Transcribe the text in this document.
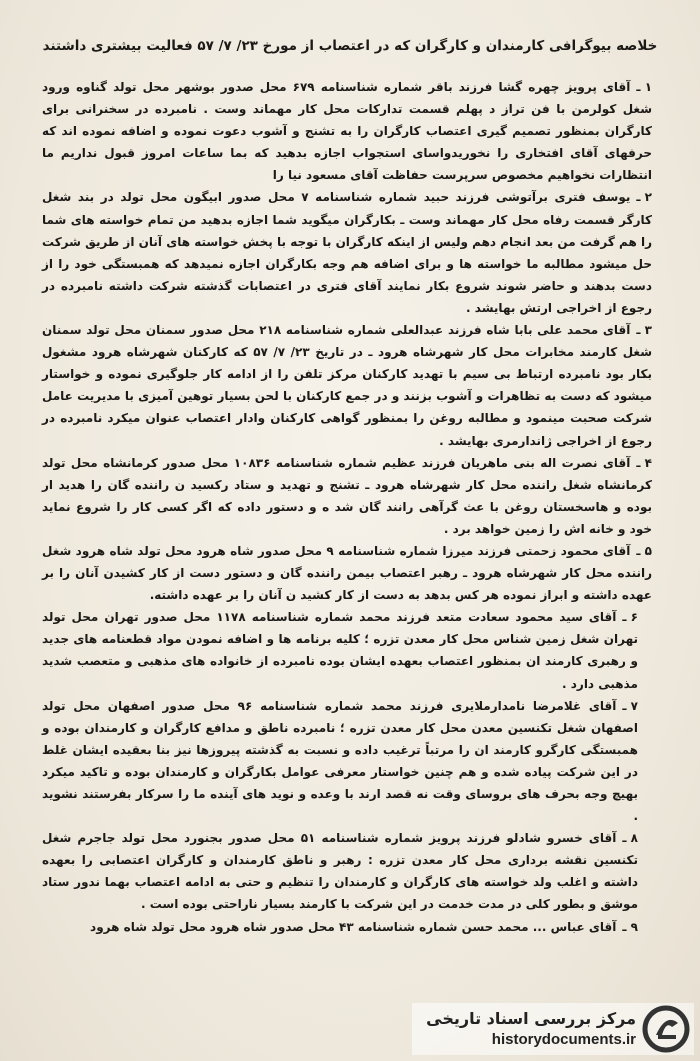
خلاصه بیوگرافی کارمندان و کارگران که در اعتصاب از مورخ ۲۳/ ۷/ ۵۷ فعالیت بیشتری داشتند

۱ ـآقای پرویز چهره گشا فرزند باقر شماره شناسنامه ۶۷۹ محل صدور بوشهر محل تولد گناوه ورود شغل کولرمن با فن تراز د پهلم قسمت تدارکات محل کار مهماند وست . نامبرده در سخنرانی برای کارگران بمنظور تصمیم گیری اعتصاب کارگران را به تشنج و آشوب دعوت نموده و اضافه نموده اند که حرفهای آقای افتخاری را نخوریدواسای استجواب اجازه بدهید که بما ساعات امروز قبول نداریم ما انتظارات نخواهیم مخصوص سرپرست حفاظت آقای مسعود نیا را

۲ ـیوسف فتری برآتوشی فرزند حبید شماره شناسنامه ۷ محل صدور ابیگون محل تولد در بند شغل کارگر قسمت رفاه محل کار مهماند وست ـ بکارگران میگوید شما اجازه بدهید من تمام خواسته های شما را هم گرفت من بعد انجام دهم ولیس از اینکه کارگران با توجه با پخش خواسته های آنان از طریق شرکت حل میشود مطالبه ما خواسته ها و برای اضافه هم وجه بکارگران اجازه نمیدهد که همبستگی خود را از دست بدهند و حاضر شوند شروع بکار نمایند آقای فتری در اعتصابات گذشته شرکت داشته نامبرده در رجوع از اخراجی ارتش بهایشد .

۳ ـآقای محمد علی بابا شاه فرزند عبدالعلی شماره شناسنامه ۲۱۸ محل صدور سمنان محل تولد سمنان شغل کارمند مخابرات محل کار شهرشاه هرود ـ در تاریخ ۲۳/ ۷/ ۵۷ که کارکنان شهرشاه هرود مشغول بکار بود نامبرده ارتباط بی سیم با تهدید کارکنان مرکز تلفن را از ادامه کار جلوگیری نموده و خواستار میشود که دست به تظاهرات و آشوب بزنند و در جمع کارکنان با لحن بسیار توهین آمیزی با مدیریت عامل شرکت صحبت مینمود و مطالبه روغن را بمنظور گواهی کارکنان وادار اعتصاب عنوان میکرد نامبرده در رجوع از اخراجی ژاندارمری بهایشد .

۴ ـآقای نصرت اله بنی ماهریان فرزند عظیم شماره شناسنامه ۱۰۸۳۶ محل صدور کرمانشاه محل تولد کرمانشاه شغل راننده محل کار شهرشاه هرود ـ تشنج و تهدید و ستاد رکسید ن راننده گان را هدید ار بوده و هاسخستان روغن با عث گرآهی رانند گان شد ه و دستور داده که اگر کسی کار را شروع نماید خود و خانه اش را زمین خواهد برد .

۵ ـآقای محمود زحمتی فرزند میرزا شماره شناسنامه ۹ محل صدور شاه هرود محل تولد شاه هرود شغل راننده محل کار شهرشاه هرود ـ رهبر اعتصاب بیمن راننده گان و دستور دست از کار کشیدن آنان را بر عهده داشته و ابراز نموده هر کس بدهد به دست از کار کشید ن آنان را بر عهده داشته.

۶ ـآقای سید محمود سعادت متعد فرزند محمد شماره شناسنامه ۱۱۷۸ محل صدور تهران محل تولد تهران شغل زمین شناس محل کار معدن تزره ؛ کلیه برنامه ها و اضافه نمودن مواد قطعنامه های جدید و رهبری کارمند ان بمنظور اعتصاب بعهده ایشان بوده نامبرده از خانواده های مذهبی و متعصب شدید مذهبی دارد .

۷ ـآقای غلامرضا نامدارملایری فرزند محمد شماره شناسنامه ۹۶ محل صدور اصفهان محل تولد اصفهان شغل تکنسین معدن محل کار معدن تزره ؛ نامبرده ناطق و مدافع کارگران و کارمندان بوده و همبستگی کارگرو کارمند ان را مرتباً ترغیب داده و نسبت به گذشته پیروزها نیز بنا بعقیده ایشان غلط در این شرکت پیاده شده و هم چنین خواستار معرفی عوامل بکارگران و کارمندان بوده و تاکید میکرد بهیچ وجه بحرف های بروسای وقت نه قصد ارند با وعده و نوید های آینده ما را سرکار بفرستند نشوید .

۸ ـآقای خسرو شادلو فرزند پرویز شماره شناسنامه ۵۱ محل صدور بجنورد محل تولد جاجرم شغل تکنسین نقشه برداری محل کار معدن تزره : رهبر و ناطق کارمندان و کارگران اعتصابی را بعهده داشته و اغلب ولد خواسته های کارگران و کارمندان را تنظیم و حتی به ادامه اعتصاب بهما ندور ستاد موشق و بطور کلی در مدت خدمت در این شرکت با کارمند بسیار ناراحتی بوده است .

۹ ـآقای عباس ... محمد حسن شماره شناسنامه ۴۳ محل صدور شاه هرود محل تولد شاه هرود

مرکز بررسی اسناد تاریخی
historydocuments.ir
